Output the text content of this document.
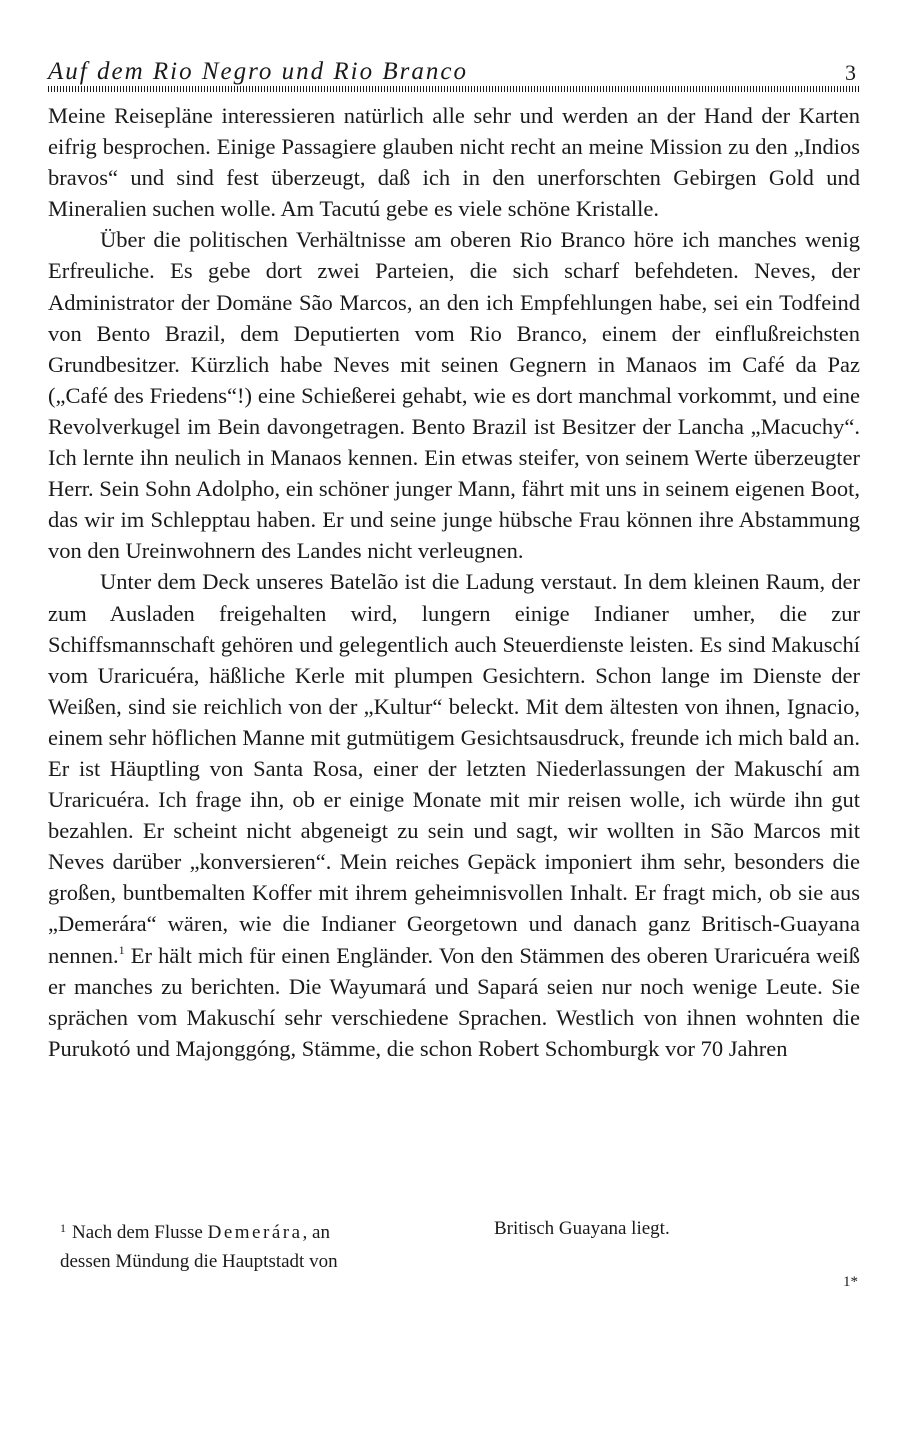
Auf dem Rio Negro und Rio Branco	3

Meine Reisepläne interessieren natürlich alle sehr und werden an der Hand der Karten eifrig besprochen. Einige Passagiere glauben nicht recht an meine Mission zu den „Indios bravos“ und sind fest überzeugt, daß ich in den unerforschten Gebirgen Gold und Mineralien suchen wolle. Am Tacutú gebe es viele schöne Kristalle.

Über die politischen Verhältnisse am oberen Rio Branco höre ich manches wenig Erfreuliche. Es gebe dort zwei Parteien, die sich scharf befehdeten. Neves, der Administrator der Domäne São Marcos, an den ich Empfehlungen habe, sei ein Todfeind von Bento Brazil, dem Deputierten vom Rio Branco, einem der einflußreichsten Grundbesitzer. Kürzlich habe Neves mit seinen Gegnern in Manaos im Café da Paz („Café des Friedens“!) eine Schießerei gehabt, wie es dort manchmal vorkommt, und eine Revolverkugel im Bein davongetragen. Bento Brazil ist Besitzer der Lancha „Macuchy“. Ich lernte ihn neulich in Manaos kennen. Ein etwas steifer, von seinem Werte überzeugter Herr. Sein Sohn Adolpho, ein schöner junger Mann, fährt mit uns in seinem eigenen Boot, das wir im Schlepptau haben. Er und seine junge hübsche Frau können ihre Abstammung von den Ureinwohnern des Landes nicht verleugnen.

Unter dem Deck unseres Batelão ist die Ladung verstaut. In dem kleinen Raum, der zum Ausladen freigehalten wird, lungern einige Indianer umher, die zur Schiffsmannschaft gehören und gelegentlich auch Steuerdienste leisten. Es sind Makuschí vom Uraricuéra, häßliche Kerle mit plumpen Gesichtern. Schon lange im Dienste der Weißen, sind sie reichlich von der „Kultur“ beleckt. Mit dem ältesten von ihnen, Ignacio, einem sehr höflichen Manne mit gutmütigem Gesichtsausdruck, freunde ich mich bald an. Er ist Häuptling von Santa Rosa, einer der letzten Niederlassungen der Makuschí am Uraricuéra. Ich frage ihn, ob er einige Monate mit mir reisen wolle, ich würde ihn gut bezahlen. Er scheint nicht abgeneigt zu sein und sagt, wir wollten in São Marcos mit Neves darüber „konversieren“. Mein reiches Gepäck imponiert ihm sehr, besonders die großen, buntbemalten Koffer mit ihrem geheimnisvollen Inhalt. Er fragt mich, ob sie aus „Demerára“ wären, wie die Indianer Georgetown und danach ganz Britisch-Guayana nennen.$^1$ Er hält mich für einen Engländer. Von den Stämmen des oberen Uraricuéra weiß er manches zu berichten. Die Wayumará und Sapará seien nur noch wenige Leute. Sie sprächen vom Makuschí sehr verschiedene Sprachen. Westlich von ihnen wohnten die Purukotó und Majonggóng, Stämme, die schon Robert Schomburgk vor 70 Jahren

$^1$ Nach dem Flusse Demerára, an
dessen Mündung die Hauptstadt von
Britisch Guayana liegt.
1*
